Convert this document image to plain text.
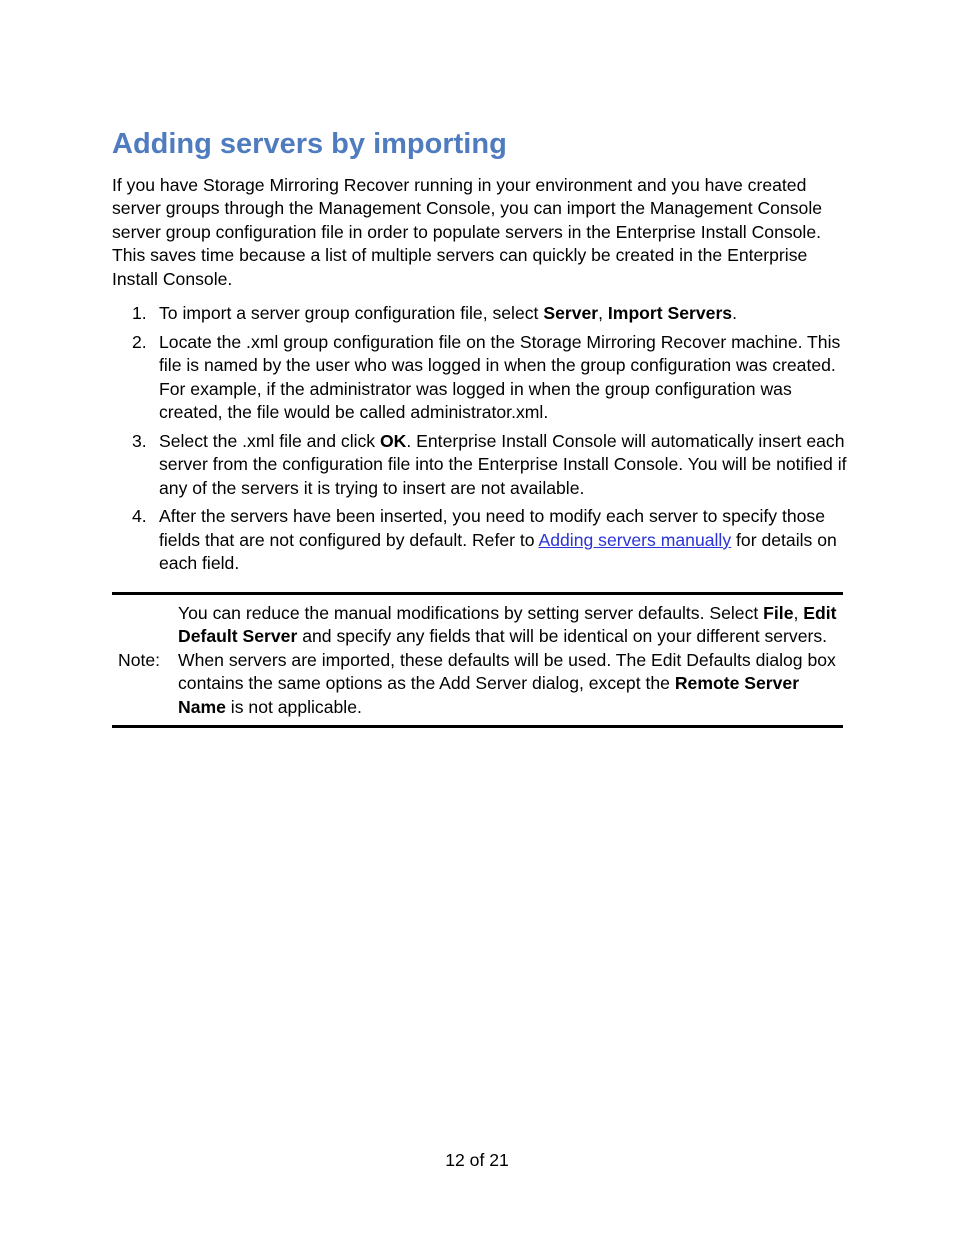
Adding servers by importing

If you have Storage Mirroring Recover running in your environment and you have created server groups through the Management Console, you can import the Management Console server group configuration file in order to populate servers in the Enterprise Install Console. This saves time because a list of multiple servers can quickly be created in the Enterprise Install Console.

1. To import a server group configuration file, select Server, Import Servers.
2. Locate the .xml group configuration file on the Storage Mirroring Recover machine. This file is named by the user who was logged in when the group configuration was created. For example, if the administrator was logged in when the group configuration was created, the file would be called administrator.xml.
3. Select the .xml file and click OK. Enterprise Install Console will automatically insert each server from the configuration file into the Enterprise Install Console. You will be notified if any of the servers it is trying to insert are not available.
4. After the servers have been inserted, you need to modify each server to specify those fields that are not configured by default. Refer to Adding servers manually for details on each field.
Note:
You can reduce the manual modifications by setting server defaults. Select File, Edit Default Server and specify any fields that will be identical on your different servers. When servers are imported, these defaults will be used. The Edit Defaults dialog box contains the same options as the Add Server dialog, except the Remote Server Name is not applicable.
12 of 21
